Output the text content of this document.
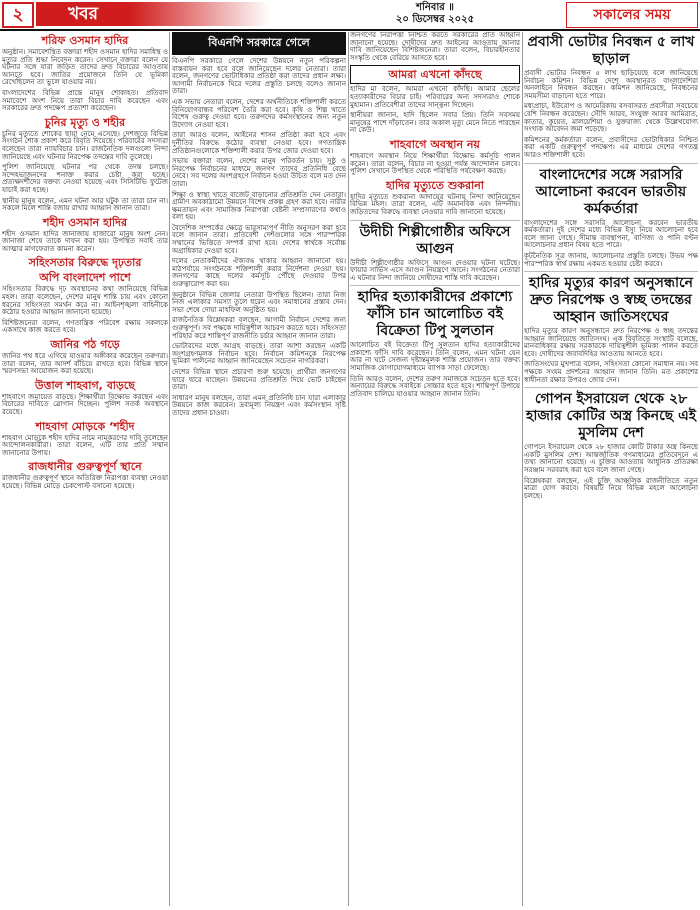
২	খবর	শনিবার ॥
২০ ডিসেম্বর ২০২৫	সকালের সময়
শরিফ ওসমান হাদির

অনুষ্ঠান। সমাবেশস্থিত বক্তারা শহীদ ওসমান হাদির সমাধিস্থ ও মৃত্যুর প্রতি শ্রদ্ধা নিবেদন করেন। সেখানে বক্তারা বলেন যে ঘটনার সঙ্গে যারা জড়িত তাদের দ্রুত বিচারের আওতায় আনতে হবে। জাতির প্রয়োজনে তিনি যে ভূমিকা রেখেছিলেন তা ভুলে যাওয়ার নয়।

বাংলাদেশের বিভিন্ন প্রান্তে মানুষ শোকাহত। প্রতিবাদ সমাবেশে অংশ নিয়ে তারা বিচার দাবি করেছেন এবং সরকারের দ্রুত পদক্ষেপ প্রত্যাশা করেছেন।

চুনির মৃত্যু ও শহীর

চুনির মৃত্যুতে শোকের ছায়া নেমে এসেছে। দেশজুড়ে বিভিন্ন সংগঠন শোক প্রকাশ করে বিবৃতি দিয়েছে। পরিবারের সদস্যরা বলেছেন তারা ন্যায়বিচার চান। রাজনৈতিক দলগুলো নিন্দা জানিয়েছে এবং ঘটনার নিরপেক্ষ তদন্তের দাবি তুলেছে।

পুলিশ জানিয়েছে ঘটনার পর থেকে তদন্ত চলছে। সন্দেহভাজনদের শনাক্ত করার চেষ্টা করা হচ্ছে। প্রত্যক্ষদর্শীদের বক্তব্য নেওয়া হয়েছে এবং সিসিটিভি ফুটেজ যাচাই করা হচ্ছে।

স্থানীয় মানুষ বলেন, এমন ঘটনা আর ঘটুক তা তারা চান না। সকলে মিলে শান্তি বজায় রাখার আহ্বান জানান তারা।

শহীদ ওসমান হাদির

শহীদ ওসমান হাদির জানাজায় হাজারো মানুষ অংশ নেন। জানাজা শেষে তাকে দাফন করা হয়। উপস্থিত সবাই তার আত্মার মাগফেরাত কামনা করেন।

সহিংসতার বিরুদ্ধে দৃঢ়তার
অপি বাংলাদেশ পাশে

সহিংসতার বিরুদ্ধে দৃঢ় অবস্থানের কথা জানিয়েছে বিভিন্ন মহল। তারা বলেছেন, দেশের মানুষ শান্তি চায় এবং কোনো ধরনের সহিংসতা সমর্থন করে না। আইনশৃঙ্খলা বাহিনীকে কঠোর হওয়ার আহ্বান জানানো হয়েছে।

বিশিষ্টজনেরা বলেন, গণতান্ত্রিক পরিবেশ রক্ষায় সকলকে একসাথে কাজ করতে হবে।

জানির পঠ গড়ে

জানির পথ ধরে এগিয়ে যাওয়ার অঙ্গীকার করেছেন তরুণরা। তারা বলেন, তার আদর্শ বাঁচিয়ে রাখতে হবে। বিভিন্ন স্থানে স্মরণসভা আয়োজন করা হয়েছে।

উত্তাল শাহবাগ, বাড়ছে

শাহবাগে জমায়েত বাড়ছে। শিক্ষার্থীরা বিক্ষোভ করছেন এবং বিচারের দাবিতে স্লোগান দিচ্ছেন। পুলিশ সতর্ক অবস্থানে রয়েছে।

শাহবাগ মোড়কে ‘শহীদ

শাহবাগ মোড়কে শহীদ হাদির নামে নামকরণের দাবি তুলেছেন আন্দোলনকারীরা। তারা বলেন, এটি তার প্রতি সম্মান জানানোর উপায়।

রাজধানীর গুরুত্বপূর্ণ স্থানে

রাজধানীর গুরুত্বপূর্ণ স্থানে অতিরিক্ত নিরাপত্তা ব্যবস্থা নেওয়া হয়েছে। বিভিন্ন মোড়ে চেকপোস্ট বসানো হয়েছে।

বিএনপি সরকারে গেলে

বিএনপি সরকারে গেলে দেশের উন্নয়নে নতুন পরিকল্পনা বাস্তবায়ন করা হবে বলে জানিয়েছেন দলের নেতারা। তারা বলেন, জনগণের ভোটাধিকার প্রতিষ্ঠা করা তাদের প্রধান লক্ষ্য। আগামী নির্বাচনকে ঘিরে দলের প্রস্তুতি চলছে বলেও জানান তারা।

এক সভায় নেতারা বলেন, দেশের অর্থনীতিকে শক্তিশালী করতে বিনিয়োগবান্ধব পরিবেশ তৈরি করা হবে। কৃষি ও শিল্প খাতে বিশেষ গুরুত্ব দেওয়া হবে। তরুণদের কর্মসংস্থানের জন্য নতুন উদ্যোগ নেওয়া হবে।

তারা আরও বলেন, আইনের শাসন প্রতিষ্ঠা করা হবে এবং দুর্নীতির বিরুদ্ধে কঠোর ব্যবস্থা নেওয়া হবে। গণতান্ত্রিক প্রতিষ্ঠানগুলোকে শক্তিশালী করার উপর জোর দেওয়া হবে।

সভায় বক্তারা বলেন, দেশের মানুষ পরিবর্তন চায়। সুষ্ঠু ও নিরপেক্ষ নির্বাচনের মাধ্যমে জনগণ তাদের প্রতিনিধি বেছে নেবে। সব দলের অংশগ্রহণে নির্বাচন হওয়া উচিত বলে মত দেন তারা।

শিক্ষা ও স্বাস্থ্য খাতে বাজেট বাড়ানোর প্রতিশ্রুতি দেন নেতারা। গ্রামীণ অবকাঠামো উন্নয়নে বিশেষ প্রকল্প গ্রহণ করা হবে। নারীর ক্ষমতায়ন এবং সামাজিক নিরাপত্তা বেষ্টনী সম্প্রসারণের কথাও বলা হয়।

বৈদেশিক সম্পর্কের ক্ষেত্রে ভারসাম্যপূর্ণ নীতি অনুসরণ করা হবে বলে জানান তারা। প্রতিবেশী দেশগুলোর সঙ্গে পারস্পরিক সম্মানের ভিত্তিতে সম্পর্ক রাখা হবে। দেশের স্বার্থকে সর্বোচ্চ অগ্রাধিকার দেওয়া হবে।

দলের নেতাকর্মীদের ঐক্যবদ্ধ থাকার আহ্বান জানানো হয়। মাঠপর্যায়ে সংগঠনকে শক্তিশালী করার নির্দেশনা দেওয়া হয়। জনগণের কাছে দলের কর্মসূচি পৌঁছে দেওয়ার উপর গুরুত্বারোপ করা হয়।

অনুষ্ঠানে বিভিন্ন জেলার নেতারা উপস্থিত ছিলেন। তারা নিজ নিজ এলাকার সমস্যা তুলে ধরেন এবং সমাধানের প্রস্তাব দেন। সভা শেষে দোয়া মাহফিল অনুষ্ঠিত হয়।

রাজনৈতিক বিশ্লেষকরা বলছেন, আগামী নির্বাচন দেশের জন্য গুরুত্বপূর্ণ। সব পক্ষকে দায়িত্বশীল আচরণ করতে হবে। সহিংসতা পরিহার করে শান্তিপূর্ণ রাজনীতি চর্চার আহ্বান জানান তারা।

ভোটারদের মধ্যে আগ্রহ বাড়ছে। তারা আশা করছেন একটি অংশগ্রহণমূলক নির্বাচন হবে। নির্বাচন কমিশনকে নিরপেক্ষ ভূমিকা পালনের আহ্বান জানিয়েছেন সচেতন নাগরিকরা।

দেশের বিভিন্ন স্থানে প্রচারণা শুরু হয়েছে। প্রার্থীরা জনগণের দ্বারে দ্বারে যাচ্ছেন। উন্নয়নের প্রতিশ্রুতি দিয়ে ভোট চাইছেন তারা।

সাধারণ মানুষ বলছেন, তারা এমন প্রতিনিধি চান যারা এলাকার উন্নয়নে কাজ করবেন। দ্রব্যমূল্য নিয়ন্ত্রণ এবং কর্মসংস্থান সৃষ্টি তাদের প্রধান চাওয়া।

জনগণের নিরাপত্তা নিশ্চিত করতে সরকারের প্রতি আহ্বান জানানো হয়েছে। দোষীদের দ্রুত আইনের আওতায় আনার দাবি জানিয়েছেন বিশিষ্টজনেরা। তারা বলেন, বিচারহীনতার সংস্কৃতি থেকে বেরিয়ে আসতে হবে।

আমরা এখনো কাঁদছে

হাদির মা বলেন, আমরা এখনো কাঁদছি। আমার ছেলের হত্যাকারীদের বিচার চাই। পরিবারের অন্য সদস্যরাও শোকে মুহ্যমান। প্রতিবেশীরা তাদের সান্ত্বনা দিচ্ছেন।

স্থানীয়রা জানান, হাদি ছিলেন সবার প্রিয়। তিনি সবসময় মানুষের পাশে দাঁড়াতেন। তার অকাল মৃত্যু মেনে নিতে পারছেন না কেউ।

শাহবাগে অবস্থান নয়

শাহবাগে অবস্থান নিয়ে শিক্ষার্থীরা বিক্ষোভ কর্মসূচি পালন করেন। তারা বলেন, বিচার না হওয়া পর্যন্ত আন্দোলন চলবে। পুলিশ সেখানে উপস্থিত থেকে পরিস্থিতি পর্যবেক্ষণ করছে।

হাদির মৃত্যুতে শুকরানা

হাদির মৃত্যুতে শুকরানা আদায়ের ঘটনায় নিন্দা জানিয়েছেন বিভিন্ন মহল। তারা বলেন, এটি অমানবিক এবং নিন্দনীয়। জড়িতদের বিরুদ্ধে ব্যবস্থা নেওয়ার দাবি জানানো হয়েছে।

উদীচী শিল্পীগোষ্ঠীর অফিসে আগুন

উদীচী শিল্পীগোষ্ঠীর অফিসে আগুন দেওয়ার ঘটনা ঘটেছে। ফায়ার সার্ভিস এসে আগুন নিয়ন্ত্রণে আনে। সংগঠনের নেতারা এ ঘটনার নিন্দা জানিয়ে দোষীদের শাস্তি দাবি করেছেন।

হাদির হত্যাকারীদের প্রকাশ্যে ফাঁসি চান আলোচিত বই বিক্রেতা টিপু সুলতান

আলোচিত বই বিক্রেতা টিপু সুলতান হাদির হত্যাকারীদের প্রকাশ্যে ফাঁসি দাবি করেছেন। তিনি বলেন, এমন ঘটনা যেন আর না ঘটে সেজন্য দৃষ্টান্তমূলক শাস্তি প্রয়োজন। তার বক্তব্য সামাজিক যোগাযোগমাধ্যমে ব্যাপক সাড়া ফেলেছে।

তিনি আরও বলেন, দেশের তরুণ সমাজকে সচেতন হতে হবে। অন্যায়ের বিরুদ্ধে সবাইকে সোচ্চার হতে হবে। শান্তিপূর্ণ উপায়ে প্রতিবাদ চালিয়ে যাওয়ার আহ্বান জানান তিনি।

প্রবাসী ভোটার নিবন্ধন ৫ লাখ ছাড়াল

প্রবাসী ভোটার নিবন্ধন ৫ লাখ ছাড়িয়েছে বলে জানিয়েছে নির্বাচন কমিশন। বিভিন্ন দেশে অবস্থানরত বাংলাদেশিরা অনলাইনে নিবন্ধন করছেন। কমিশন জানিয়েছে, নিবন্ধনের সময়সীমা বাড়ানো হতে পারে।

মধ্যপ্রাচ্য, ইউরোপ ও আমেরিকায় বসবাসরত প্রবাসীরা সবচেয়ে বেশি নিবন্ধন করেছেন। সৌদি আরব, সংযুক্ত আরব আমিরাত, কাতার, কুয়েত, মালয়েশিয়া ও যুক্তরাজ্য থেকে উল্লেখযোগ্য সংখ্যক আবেদন জমা পড়েছে।

কমিশনের কর্মকর্তারা বলেন, প্রবাসীদের ভোটাধিকার নিশ্চিত করা একটি গুরুত্বপূর্ণ পদক্ষেপ। এর মাধ্যমে দেশের গণতন্ত্র আরও শক্তিশালী হবে।

বাংলাদেশের সঙ্গে সরাসরি আলোচনা করবেন ভারতীয় কর্মকর্তারা

বাংলাদেশের সঙ্গে সরাসরি আলোচনা করবেন ভারতীয় কর্মকর্তারা। দুই দেশের মধ্যে বিভিন্ন ইস্যু নিয়ে আলোচনা হবে বলে জানা গেছে। সীমান্ত ব্যবস্থাপনা, বাণিজ্য ও পানি বণ্টন আলোচনার প্রধান বিষয় হতে পারে।

কূটনৈতিক সূত্র জানায়, আলোচনার প্রস্তুতি চলছে। উভয় পক্ষ পারস্পরিক স্বার্থ রক্ষায় একমত হওয়ার চেষ্টা করবে।

হাদির মৃত্যুর কারণ অনুসন্ধানে দ্রুত নিরপেক্ষ ও স্বচ্ছ তদন্তের আহ্বান জাতিসংঘের

হাদির মৃত্যুর কারণ অনুসন্ধানে দ্রুত নিরপেক্ষ ও স্বচ্ছ তদন্তের আহ্বান জানিয়েছে জাতিসংঘ। এক বিবৃতিতে সংস্থাটি বলেছে, মানবাধিকার রক্ষায় সরকারকে দায়িত্বশীল ভূমিকা পালন করতে হবে। দোষীদের জবাবদিহির আওতায় আনতে হবে।

জাতিসংঘের মুখপাত্র বলেন, সহিংসতা কোনো সমাধান নয়। সব পক্ষকে সংযম প্রদর্শনের আহ্বান জানান তিনি। মত প্রকাশের স্বাধীনতা রক্ষার উপরও জোর দেন।

গোপন ইসরায়েল থেকে ২৮ হাজার কোটির অস্ত্র কিনছে এই মুসলিম দেশ

গোপনে ইসরায়েল থেকে ২৮ হাজার কোটি টাকার অস্ত্র কিনছে একটি মুসলিম দেশ। আন্তর্জাতিক গণমাধ্যমের প্রতিবেদনে এ তথ্য জানানো হয়েছে। এ চুক্তির আওতায় আধুনিক প্রতিরক্ষা সরঞ্জাম সরবরাহ করা হবে বলে জানা গেছে।

বিশ্লেষকরা বলছেন, এই চুক্তি আঞ্চলিক রাজনীতিতে নতুন মাত্রা যোগ করবে। বিষয়টি নিয়ে বিভিন্ন মহলে আলোচনা চলছে।
